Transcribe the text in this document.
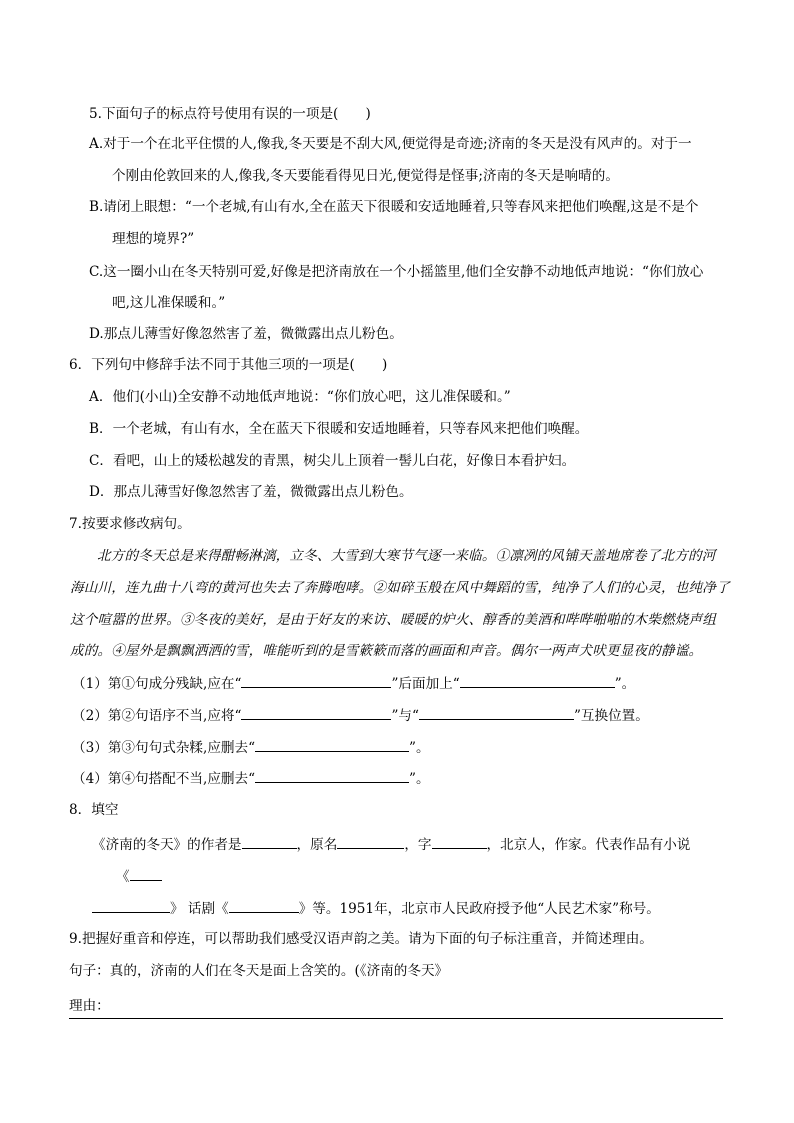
5.下面句子的标点符号使用有误的一项是(　　)
A.对于一个在北平住惯的人,像我,冬天要是不刮大风,便觉得是奇迹;济南的冬天是没有风声的。对于一
个刚由伦敦回来的人,像我,冬天要能看得见日光,便觉得是怪事;济南的冬天是响晴的。
B.请闭上眼想：“一个老城,有山有水,全在蓝天下很暖和安适地睡着,只等春风来把他们唤醒,这是不是个
理想的境界?”
C.这一圈小山在冬天特别可爱,好像是把济南放在一个小摇篮里,他们全安静不动地低声地说：“你们放心
吧,这儿准保暖和。”
D.那点儿薄雪好像忽然害了羞，微微露出点儿粉色。
6．下列句中修辞手法不同于其他三项的一项是(　　)
A．他们(小山)全安静不动地低声地说：“你们放心吧，这儿准保暖和。”
B．一个老城，有山有水，全在蓝天下很暖和安适地睡着，只等春风来把他们唤醒。
C．看吧，山上的矮松越发的青黑，树尖儿上顶着一髻儿白花，好像日本看护妇。
D．那点儿薄雪好像忽然害了羞，微微露出点儿粉色。
7.按要求修改病句。
北方的冬天总是来得酣畅淋漓，立冬、大雪到大寒节气逐一来临。①凛冽的风铺天盖地席卷了北方的河
海山川，连九曲十八弯的黄河也失去了奔腾咆哮。②如碎玉般在风中舞蹈的雪，纯净了人们的心灵，也纯净了
这个喧嚣的世界。③冬夜的美好，是由于好友的来访、暖暖的炉火、醇香的美酒和哔哔啪啪的木柴燃烧声组
成的。④屋外是飘飘洒洒的雪，唯能听到的是雪簌簌而落的画面和声音。偶尔一两声犬吠更显夜的静谧。
（1）第①句成分残缺,应在“	”后面加上“	”。
（2）第②句语序不当,应将“	”与“	”互换位置。
（3）第③句句式杂糅,应删去“	”。
（4）第④句搭配不当,应删去“	”。
8．填空
《济南的冬天》的作者是	，原名	，字	，北京人，作家。代表作品有小说
《
》 话剧《	》等。1951年，北京市人民政府授予他“人民艺术家”称号。
9.把握好重音和停连，可以帮助我们感受汉语声韵之美。请为下面的句子标注重音，并简述理由。
句子：真的，济南的人们在冬天是面上含笑的。(《济南的冬天》
理由：
